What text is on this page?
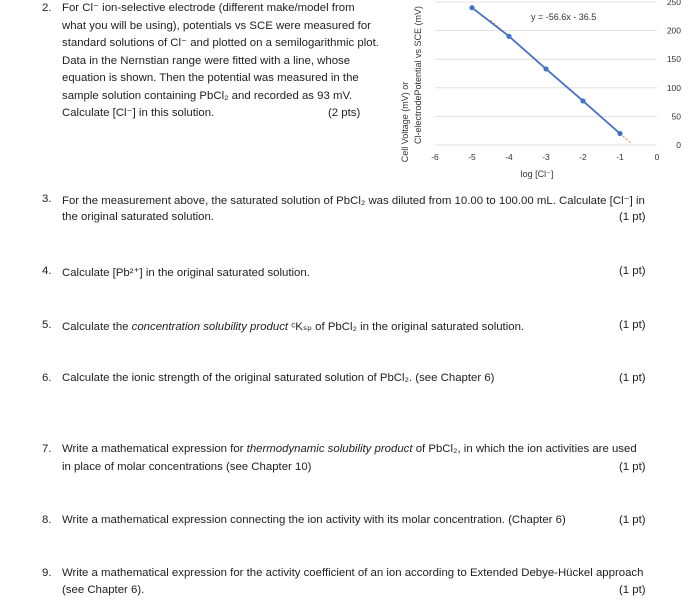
2. For Cl⁻ ion-selective electrode (different make/model from
what you will be using), potentials vs SCE were measured for
standard solutions of Cl⁻ and plotted on a semilogarithmic plot.
Data in the Nernstian range were fitted with a line, whose
equation is shown. Then the potential was measured in the
sample solution containing PbCl₂ and recorded as 93 mV.
Calculate [Cl⁻] in this solution.	(2 pts)	Cell Voltage (mV) or Cl-electrodePotential vs SCE (mV)
0
50
100
150
200
250
-6	-5	-4	-3	-2	-1	0
y = -56.6x - 36.5
log [Cl⁻]
3. For the measurement above, the saturated solution of PbCl₂ was diluted from 10.00 to 100.00 mL. Calculate [Cl⁻] in
the original saturated solution.	(1 pt)
4. Calculate [Pb²⁺] in the original saturated solution.	(1 pt)
5. Calculate the concentration solubility product ᶜKₛₚ of PbCl₂ in the original saturated solution.	(1 pt)
6. Calculate the ionic strength of the original saturated solution of PbCl₂. (see Chapter 6)	(1 pt)
7. Write a mathematical expression for thermodynamic solubility product of PbCl₂, in which the ion activities are used
in place of molar concentrations (see Chapter 10)	(1 pt)
8. Write a mathematical expression connecting the ion activity with its molar concentration. (Chapter 6)	(1 pt)
9. Write a mathematical expression for the activity coefficient of an ion according to Extended Debye-Hückel approach
(see Chapter 6).	(1 pt)
